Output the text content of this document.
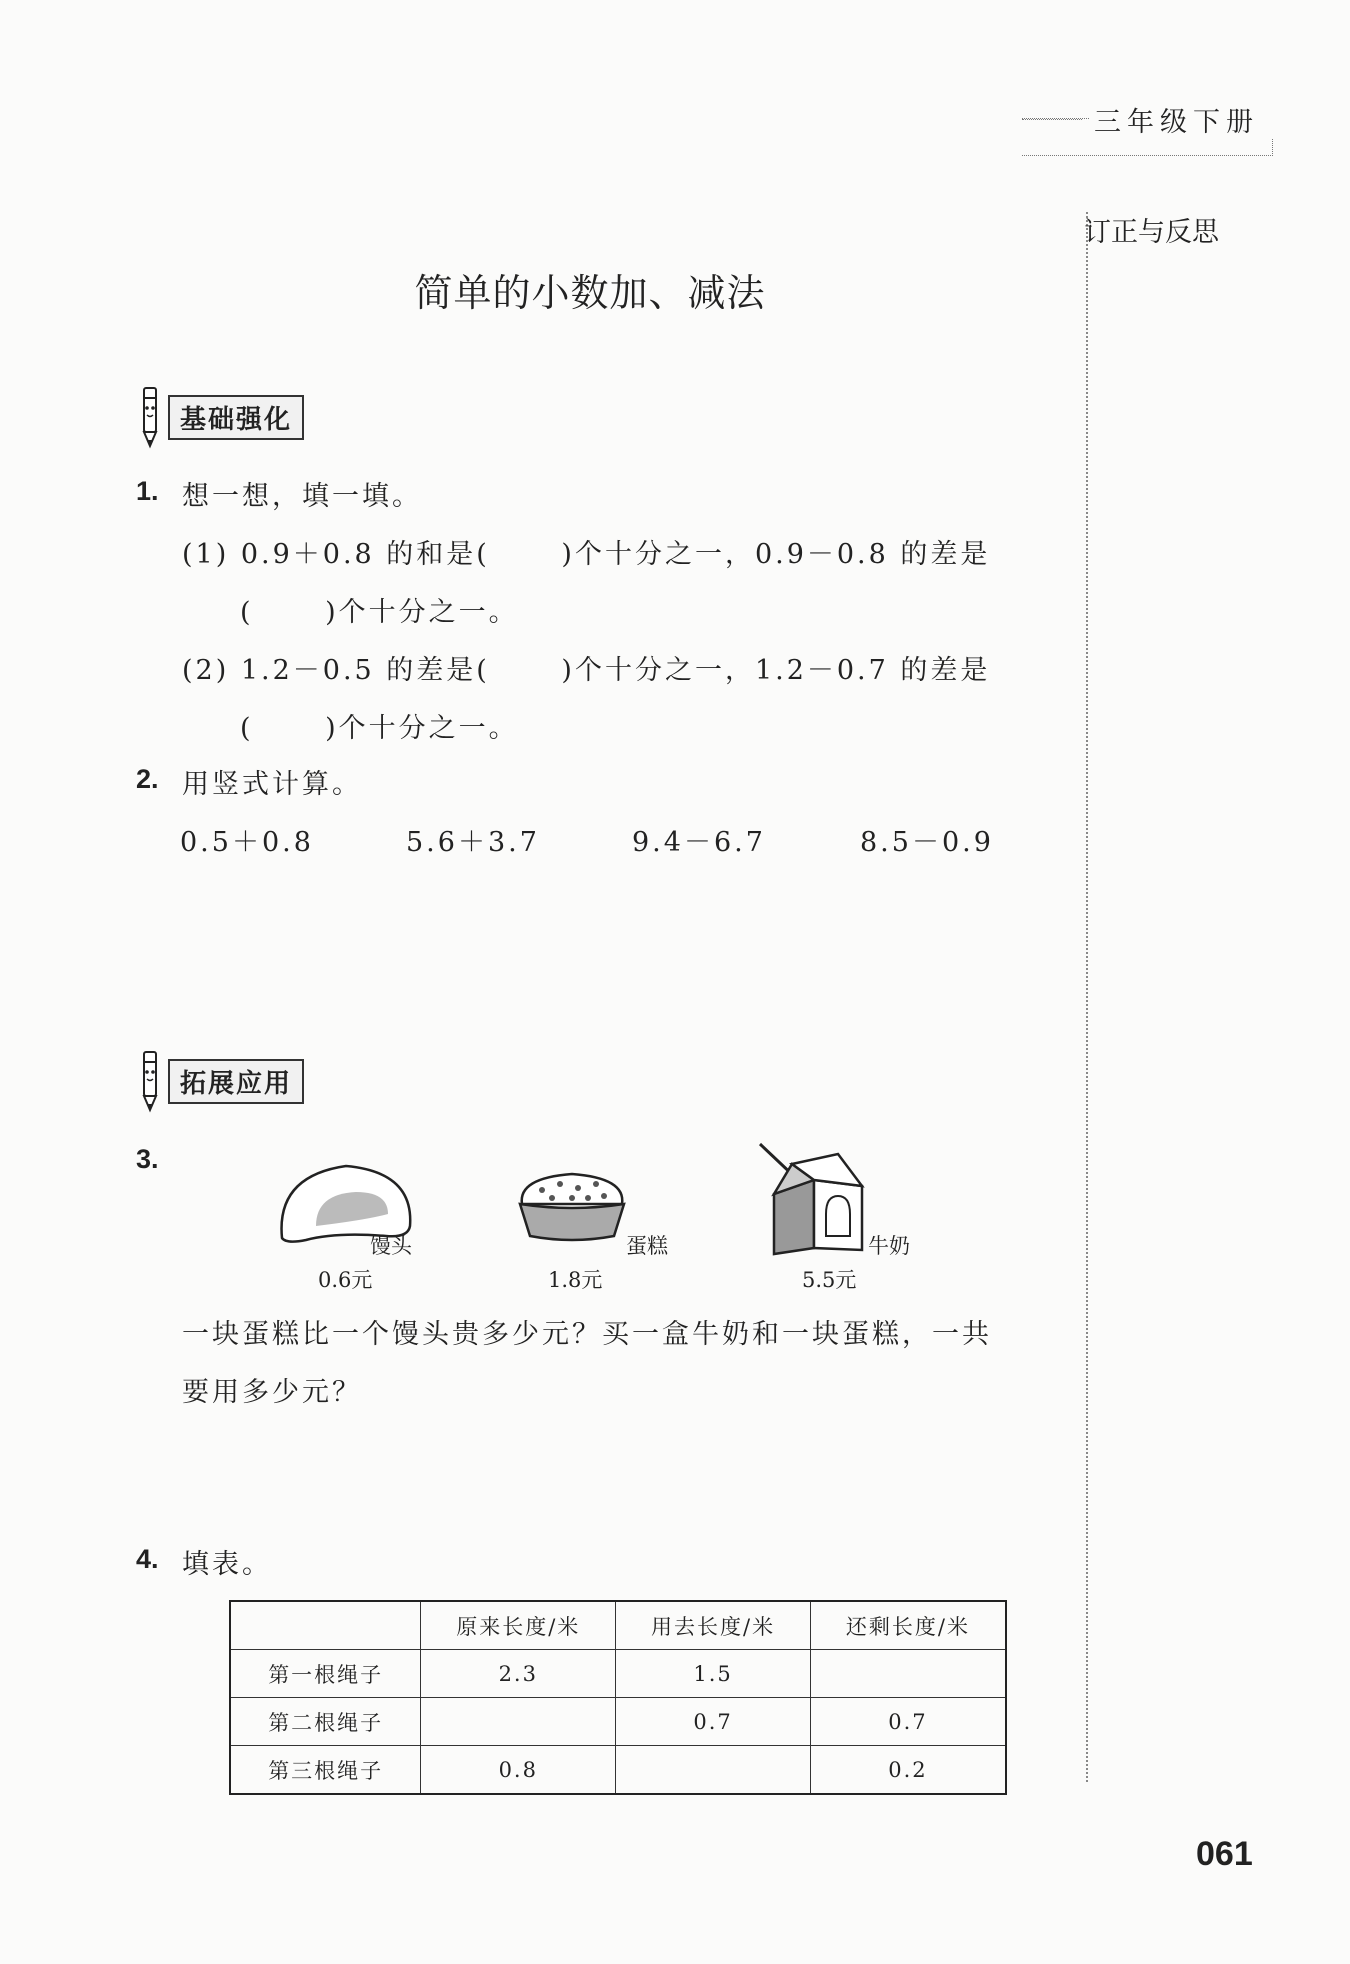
三年级下册
订正与反思
简单的小数加、减法
基础强化
1. 想一想，填一填。
(1) 0.9＋0.8 的和是(　　 )个十分之一，0.9－0.8 的差是
(　　 )个十分之一。
(2) 1.2－0.5 的差是(　　 )个十分之一，1.2－0.7 的差是
(　　 )个十分之一。
2. 用竖式计算。
0.5＋0.8	5.6＋3.7	9.4－6.7	8.5－0.9
拓展应用
3.
馒头
0.6元
蛋糕
1.8元
牛奶
5.5元
一块蛋糕比一个馒头贵多少元？买一盒牛奶和一块蛋糕，一共
要用多少元？
4. 填表。
	原来长度/米	用去长度/米	还剩长度/米
第一根绳子	2.3	1.5	
第二根绳子		0.7	0.7
第三根绳子	0.8		0.2
061
